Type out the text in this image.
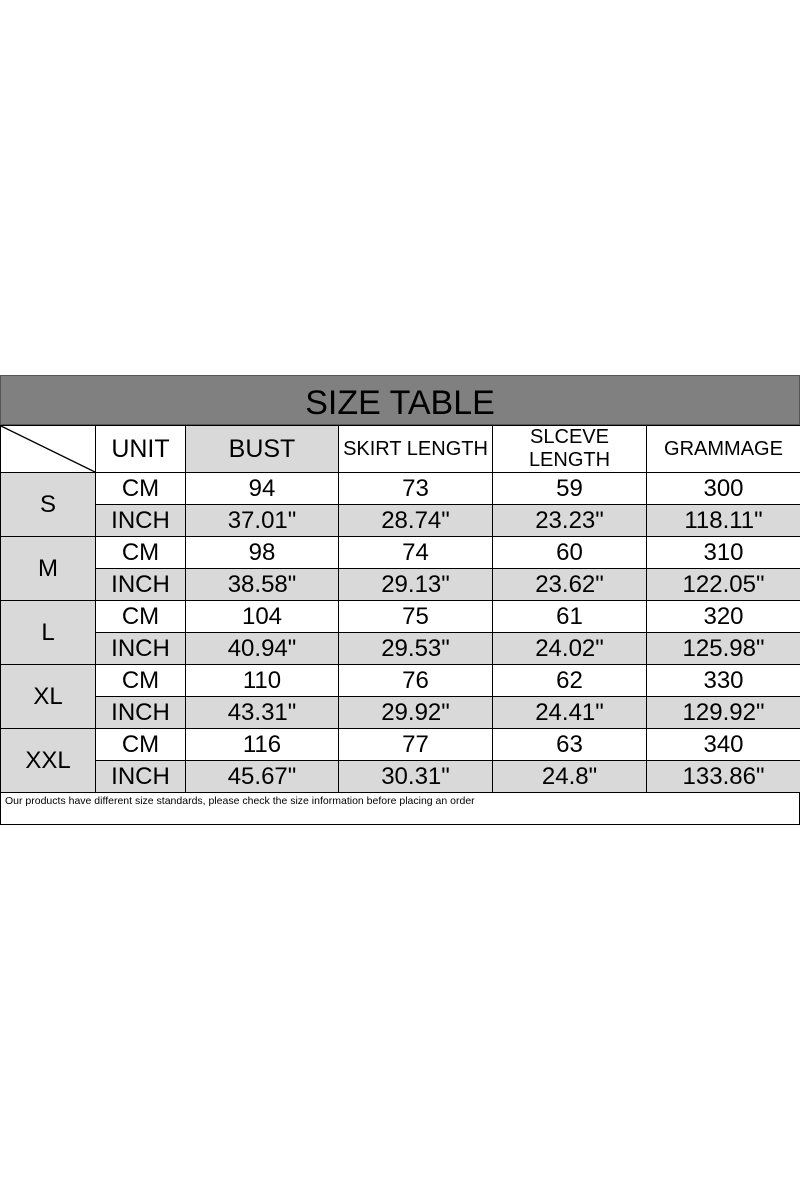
SIZE TABLE
	UNIT	BUST	SKIRT LENGTH	SLCEVE LENGTH	GRAMMAGE
S	CM	94	73	59	300
	INCH	37.01"	28.74"	23.23"	118.11"
M	CM	98	74	60	310
	INCH	38.58"	29.13"	23.62"	122.05"
L	CM	104	75	61	320
	INCH	40.94"	29.53"	24.02"	125.98"
XL	CM	110	76	62	330
	INCH	43.31"	29.92"	24.41"	129.92"
XXL	CM	116	77	63	340
	INCH	45.67"	30.31"	24.8"	133.86"
Our products have different size standards, please check the size information before placing an order
